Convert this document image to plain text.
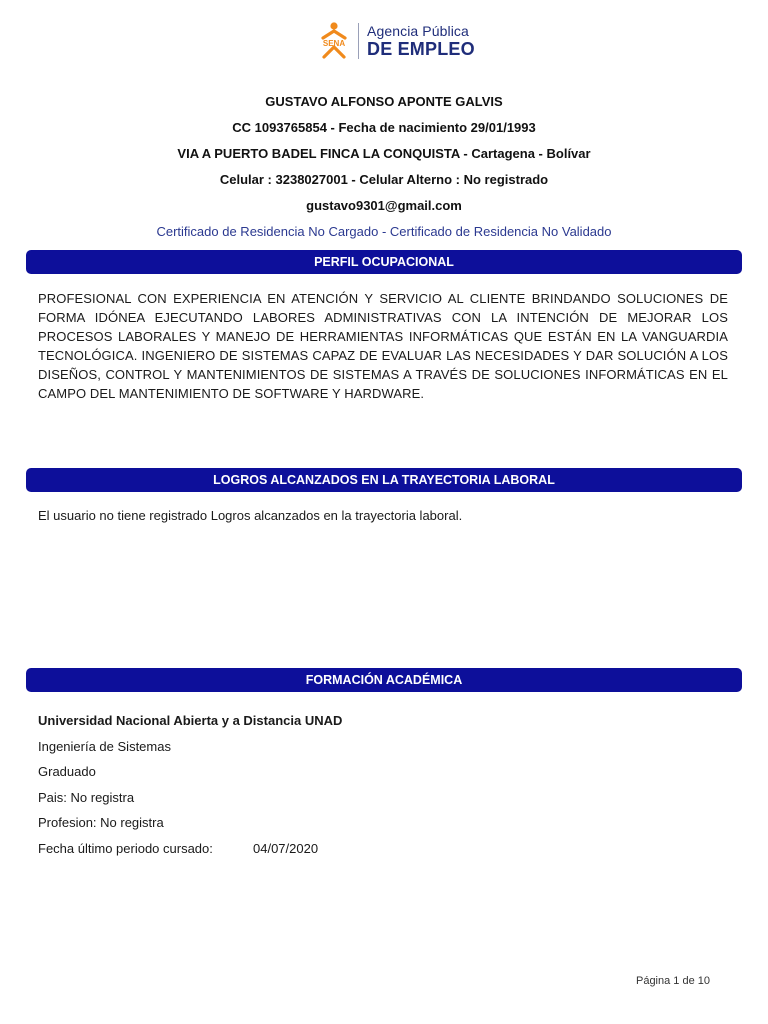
SENA
Agencia Pública
DE EMPLEO
GUSTAVO ALFONSO APONTE GALVIS
CC 1093765854 - Fecha de nacimiento 29/01/1993
VIA A PUERTO BADEL FINCA LA CONQUISTA - Cartagena - Bolívar
Celular : 3238027001 - Celular Alterno : No registrado
gustavo9301@gmail.com
Certificado de Residencia No Cargado - Certificado de Residencia No Validado
PERFIL OCUPACIONAL
PROFESIONAL CON EXPERIENCIA EN ATENCIÓN Y SERVICIO AL CLIENTE BRINDANDO SOLUCIONES DE FORMA IDÓNEA EJECUTANDO LABORES ADMINISTRATIVAS CON LA INTENCIÓN DE MEJORAR LOS PROCESOS LABORALES Y MANEJO DE HERRAMIENTAS INFORMÁTICAS QUE ESTÁN EN LA VANGUARDIA TECNOLÓGICA. INGENIERO DE SISTEMAS CAPAZ DE EVALUAR LAS NECESIDADES Y DAR SOLUCIÓN A LOS DISEÑOS, CONTROL Y MANTENIMIENTOS DE SISTEMAS A TRAVÉS DE SOLUCIONES INFORMÁTICAS EN EL CAMPO DEL MANTENIMIENTO DE SOFTWARE Y HARDWARE.
LOGROS ALCANZADOS EN LA TRAYECTORIA LABORAL
El usuario no tiene registrado Logros alcanzados en la trayectoria laboral.
FORMACIÓN ACADÉMICA
Universidad Nacional Abierta y a Distancia UNAD
Ingeniería de Sistemas
Graduado
Pais: No registra
Profesion: No registra
Fecha último periodo cursado:	04/07/2020
Página 1 de 10
